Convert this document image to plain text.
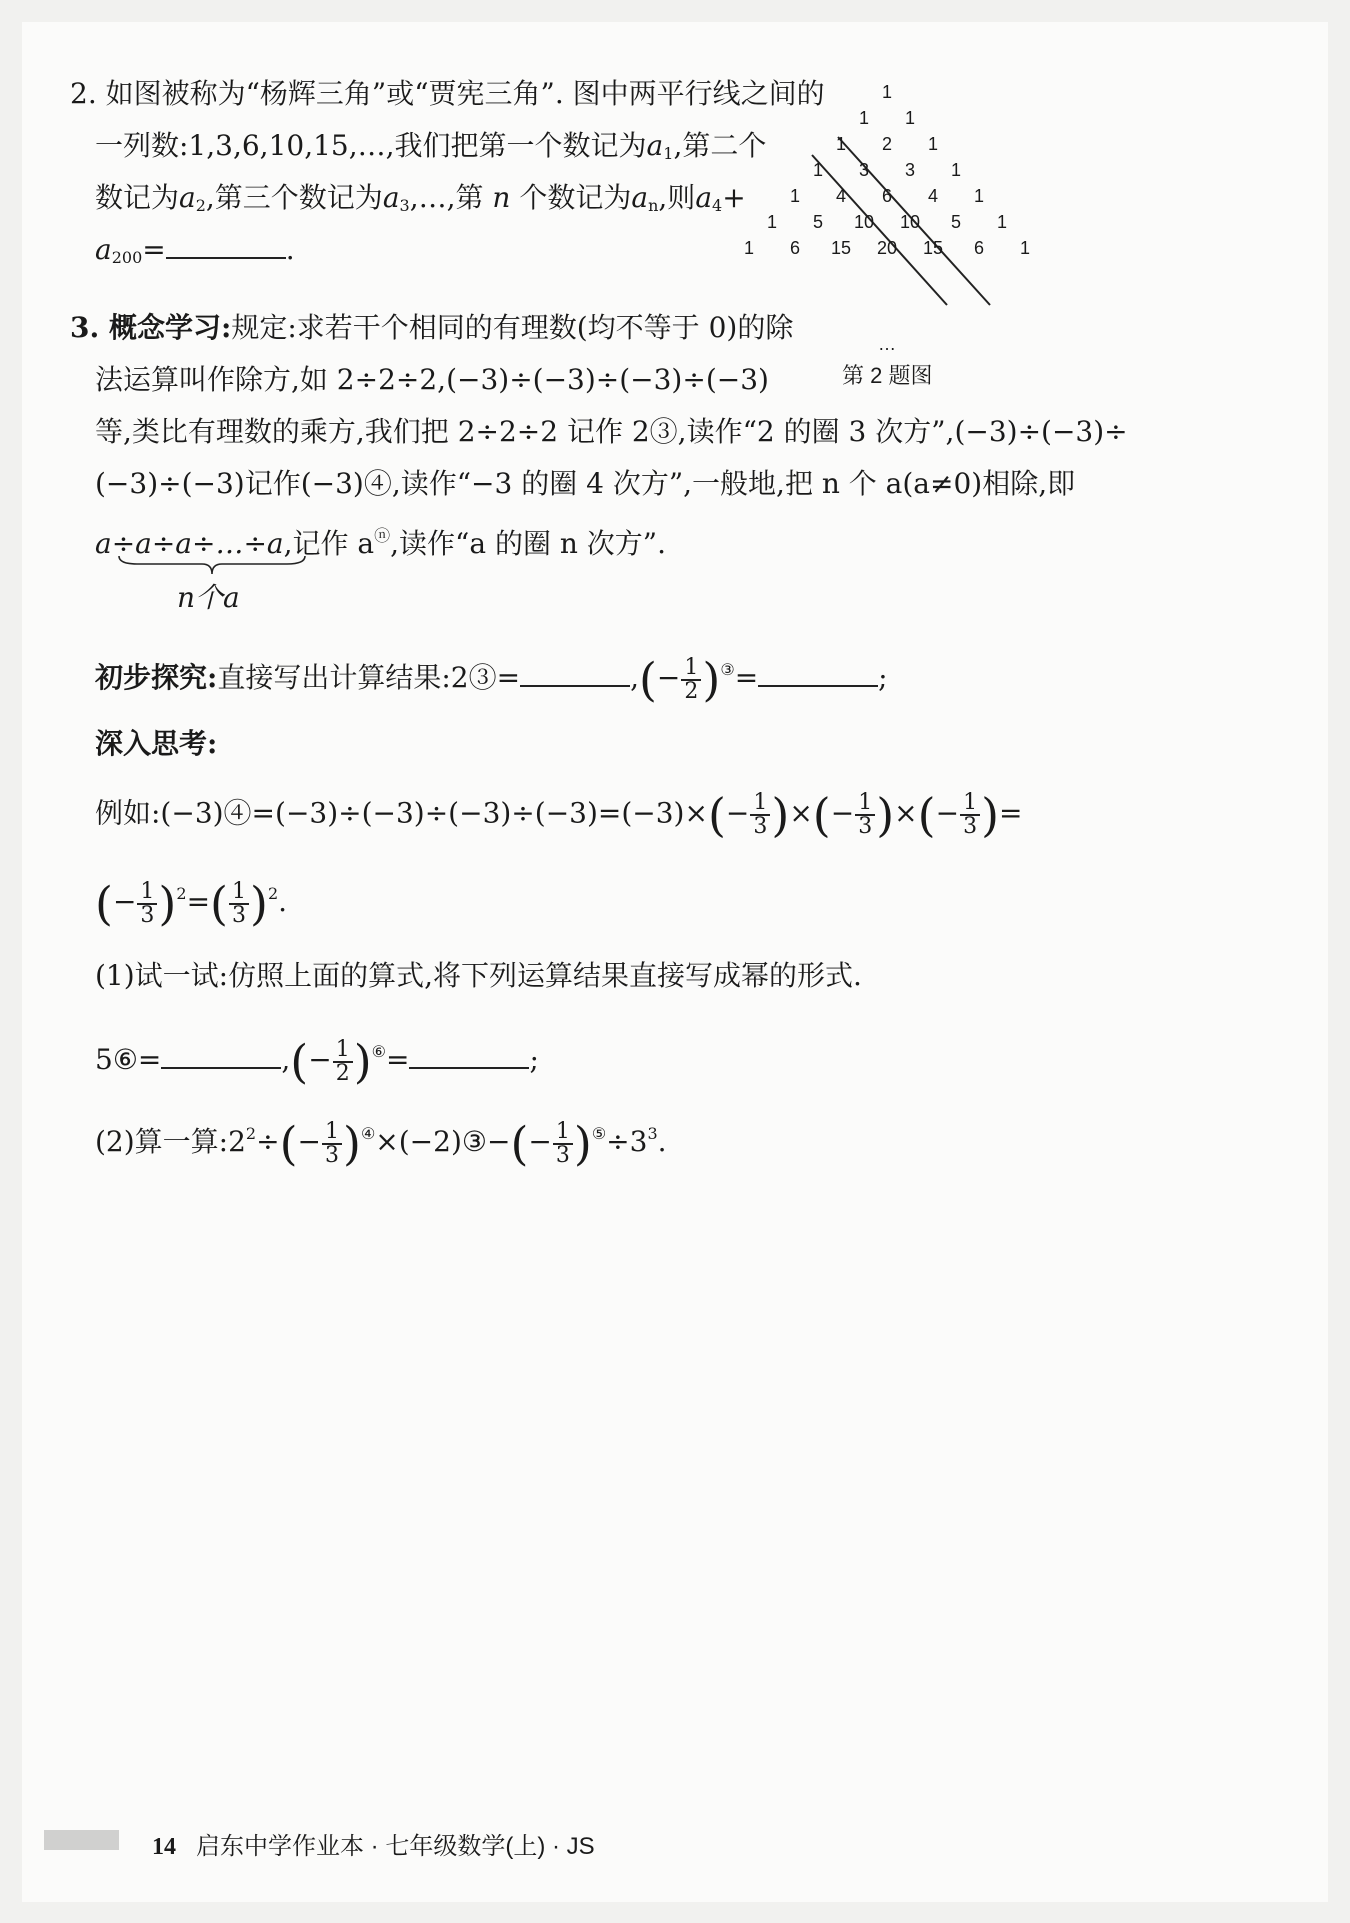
2. 如图被称为“杨辉三角”或“贾宪三角”. 图中两平行线之间的
一列数:1,3,6,10,15,…,我们把第一个数记为$a_1$,第二个
数记为$a_2$,第三个数记为$a_3,\dots$,第 n 个数记为$a_n$,则$a_4+$
$a_{200}=$	.
…
1
1 1
1 2 1
1 3 3 1
1 4 6 4 1
1 5 10 10 5 1
1 6 15 20 15 6 1
第 2 题图
3. 概念学习:规定:求若干个相同的有理数(均不等于 0)的除
法运算叫作除方,如 2÷2÷2,(−3)÷(−3)÷(−3)÷(−3)
等,类比有理数的乘方,我们把 2÷2÷2 记作 2③,读作“2 的圈 3 次方”,(−3)÷(−3)÷
(−3)÷(−3)记作(−3)④,读作“−3 的圈 4 次方”,一般地,把 n 个 a(a≠0)相除,即
a÷a÷a÷…÷a,记作 aⓝ,读作“a 的圈 n 次方”.
n个a
初步探究:直接写出计算结果:2③=	,(− $\frac{1}{2} )^③=$	;
深入思考:
例如:(−3)④=(−3)÷(−3)÷(−3)÷(−3)=(−3)×(− $\frac{1}{3}$ )×(− $\frac{1}{3}$ )×(− $\frac{1}{3}$ )=
(− $\frac{1}{3} )^2=( \frac{1}{3} )^2$.
(1)试一试:仿照上面的算式,将下列运算结果直接写成幂的形式.
5⑥=	,(− $\frac{1}{2} )^⑥=$	;
(2)算一算$:2^2\div(- \frac{1}{3}$ )④×(−2)③−(− $\frac{1}{3} )^⑤\div 3^3$.
14 启东中学作业本 · 七年级数学(上) · JS
